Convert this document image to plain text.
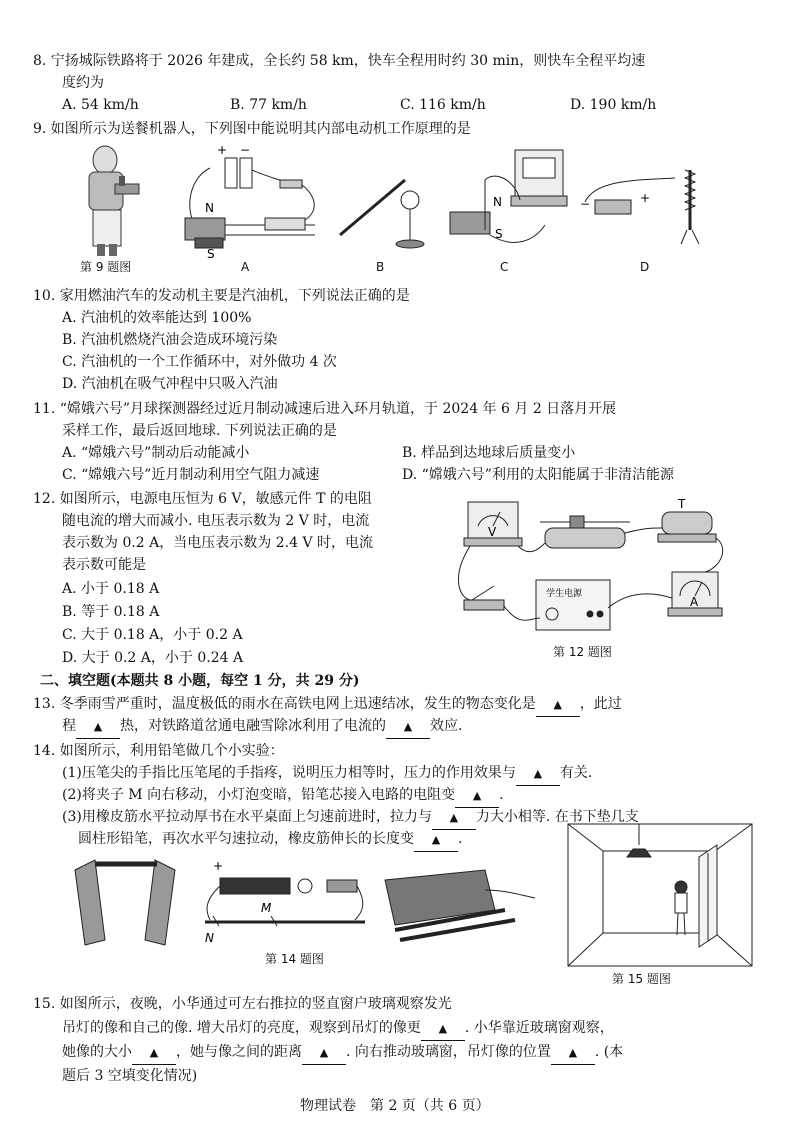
8. 宁扬城际铁路将于 2026 年建成，全长约 58 km，快车全程用时约 30 min，则快车全程平均速
度约为
A. 54 km/h	B. 77 km/h	C. 116 km/h	D. 190 km/h
9. 如图所示为送餐机器人，下列图中能说明其内部电动机工作原理的是
N
S
+ −
N
S
−	+
第 9 题图	A	B	C	D
10. 家用燃油汽车的发动机主要是汽油机，下列说法正确的是
A. 汽油机的效率能达到 100%
B. 汽油机燃烧汽油会造成环境污染
C. 汽油机的一个工作循环中，对外做功 4 次
D. 汽油机在吸气冲程中只吸入汽油
11. “嫦娥六号”月球探测器经过近月制动减速后进入环月轨道，于 2024 年 6 月 2 日落月开展
采样工作，最后返回地球. 下列说法正确的是
A. “嫦娥六号”制动后动能减小	B. 样品到达地球后质量变小
C. “嫦娥六号”近月制动利用空气阻力减速	D. “嫦娥六号”利用的太阳能属于非清洁能源
12. 如图所示，电源电压恒为 6 V，敏感元件 T 的电阻
随电流的增大而减小. 电压表示数为 2 V 时，电流
表示数为 0.2 A，当电压表示数为 2.4 V 时，电流
表示数可能是
A. 小于 0.18 A
B. 等于 0.18 A
C. 大于 0.18 A，小于 0.2 A
D. 大于 0.2 A，小于 0.24 A
T
V
A
学生电源
第 12 题图
二、填空题(本题共 8 小题，每空 1 分，共 29 分)
13. 冬季雨雪严重时，温度极低的雨水在高铁电网上迅速结冰，发生的物态变化是 ▲ ，此过
程 ▲ 热，对铁路道岔通电融雪除冰利用了电流的 ▲ 效应.
14. 如图所示，利用铅笔做几个小实验：
(1)压笔尖的手指比压笔尾的手指疼，说明压力相等时，压力的作用效果与 ▲ 有关.
(2)将夹子 M 向右移动，小灯泡变暗，铅笔芯接入电路的电阻变 ▲ .
(3)用橡皮筋水平拉动厚书在水平桌面上匀速前进时，拉力与 ▲ 力大小相等. 在书下垫几支
圆柱形铅笔，再次水平匀速拉动，橡皮筋伸长的长度变 ▲ .
+
N
M
第 14 题图
第 15 题图
15. 如图所示，夜晚，小华通过可左右推拉的竖直窗户玻璃观察发光
吊灯的像和自己的像. 增大吊灯的亮度，观察到吊灯的像更 ▲ . 小华靠近玻璃窗观察，
她像的大小 ▲ ，她与像之间的距离 ▲ . 向右推动玻璃窗，吊灯像的位置 ▲ . (本
题后 3 空填变化情况)
物理试卷　第 2 页（共 6 页）
